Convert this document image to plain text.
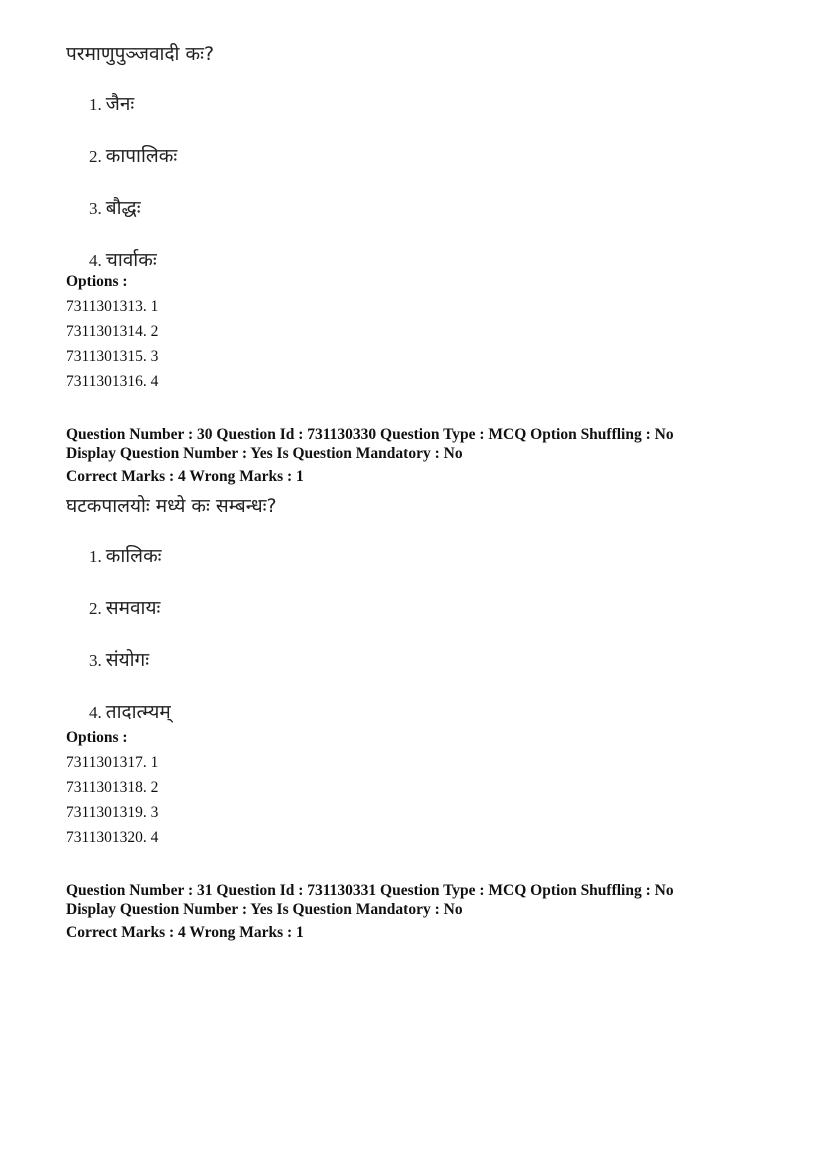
परमाणुपुञ्जवादी कः?
1. जैनः
2. कापालिकः
3. बौद्धः
4. चार्वाकः
Options :
7311301313. 1
7311301314. 2
7311301315. 3
7311301316. 4
Question Number : 30 Question Id : 731130330 Question Type : MCQ Option Shuffling : No
Display Question Number : Yes Is Question Mandatory : No
Correct Marks : 4 Wrong Marks : 1
घटकपालयोः मध्ये कः सम्बन्धः?
1. कालिकः
2. समवायः
3. संयोगः
4. तादात्म्यम्
Options :
7311301317. 1
7311301318. 2
7311301319. 3
7311301320. 4
Question Number : 31 Question Id : 731130331 Question Type : MCQ Option Shuffling : No
Display Question Number : Yes Is Question Mandatory : No
Correct Marks : 4 Wrong Marks : 1
